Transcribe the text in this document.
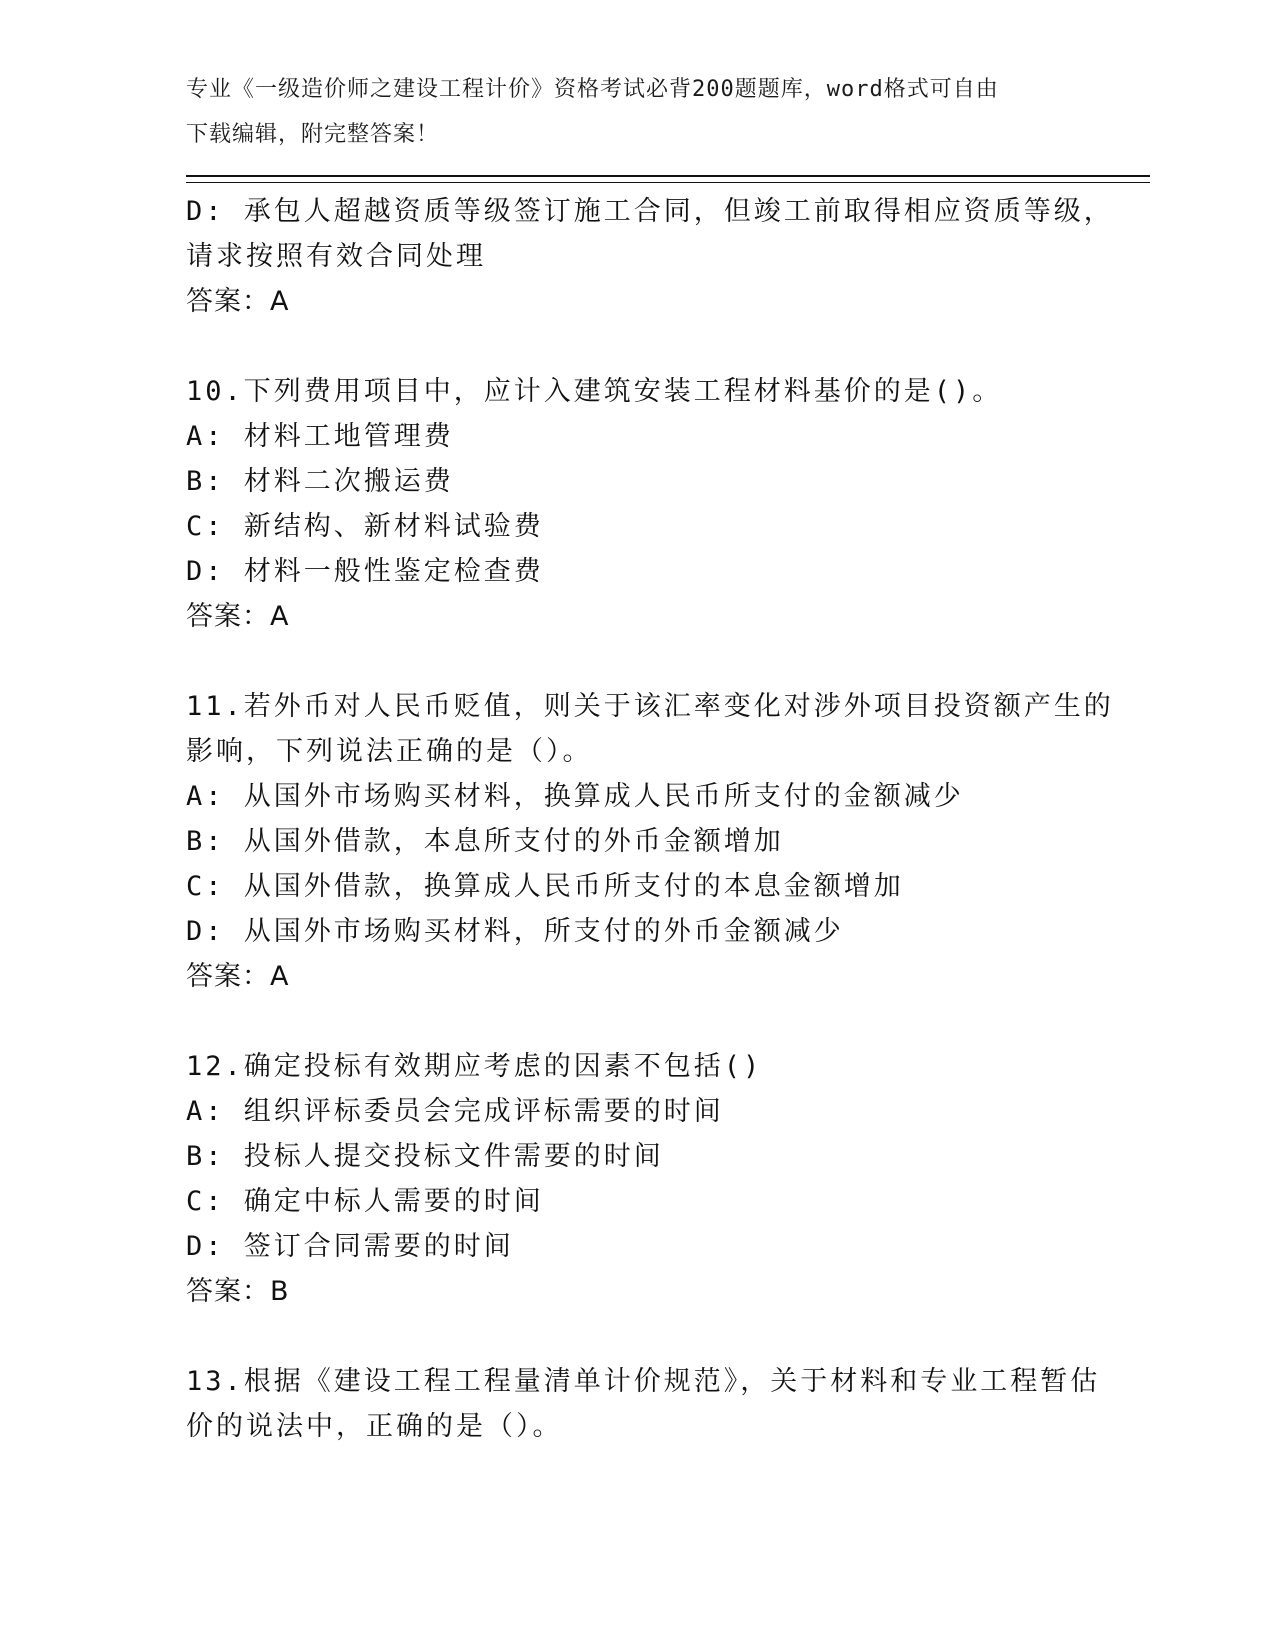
专业《一级造价师之建设工程计价》资格考试必背200题题库，word格式可自由
下载编辑，附完整答案！
D: 承包人超越资质等级签订施工合同，但竣工前取得相应资质等级，
请求按照有效合同处理
答案：A
10.下列费用项目中，应计入建筑安装工程材料基价的是()。
A: 材料工地管理费
B: 材料二次搬运费
C: 新结构、新材料试验费
D: 材料一般性鉴定检查费
答案：A
11.若外币对人民币贬值，则关于该汇率变化对涉外项目投资额产生的
影响，下列说法正确的是（）。
A: 从国外市场购买材料，换算成人民币所支付的金额减少
B: 从国外借款，本息所支付的外币金额增加
C: 从国外借款，换算成人民币所支付的本息金额增加
D: 从国外市场购买材料，所支付的外币金额减少
答案：A
12.确定投标有效期应考虑的因素不包括()
A: 组织评标委员会完成评标需要的时间
B: 投标人提交投标文件需要的时间
C: 确定中标人需要的时间
D: 签订合同需要的时间
答案：B
13.根据《建设工程工程量清单计价规范》，关于材料和专业工程暂估
价的说法中，正确的是（）。
